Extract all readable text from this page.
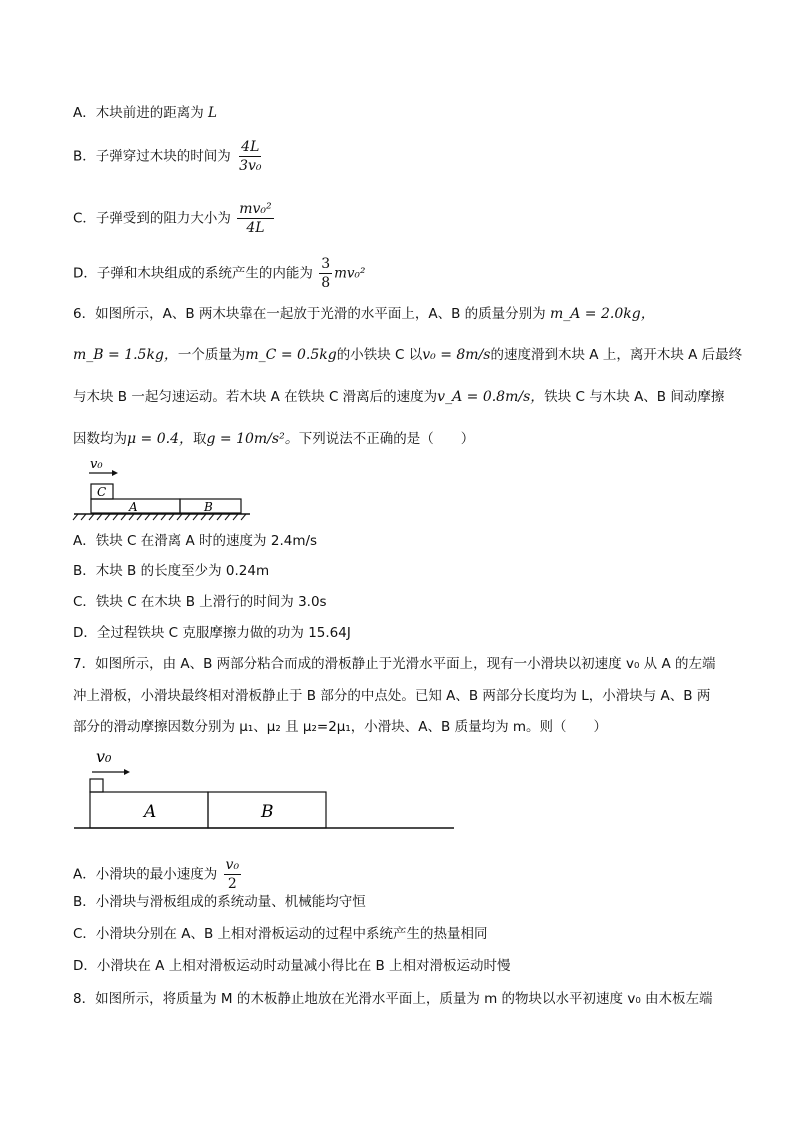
A．木块前进的距离为 L
B．子弹穿过木块的时间为 $\frac{4L}{\text{3v₀}}$
C．子弹受到的阻力大小为 $\frac{\text{mv₀²}}{4L}$
D．子弹和木块组成的系统产生的内能为 $\frac{3}{8} mv_0^2$
6．如图所示，A、B 两木块靠在一起放于光滑的水平面上，A、B 的质量分别为 m_A = 2.0kg，
m_B = 1.5kg，一个质量为m_C = 0.5kg的小铁块 C 以v₀ = 8m/s的速度滑到木块 A 上，离开木块 A 后最终
与木块 B 一起匀速运动。若木块 A 在铁块 C 滑离后的速度为v_A = 0.8m/s，铁块 C 与木块 A、B 间动摩擦
因数均为μ = 0.4，取g = 10m/s²。下列说法不正确的是（　　）
v₀
C
A	B
A．铁块 C 在滑离 A 时的速度为 2.4m/s
B．木块 B 的长度至少为 0.24m
C．铁块 C 在木块 B 上滑行的时间为 3.0s
D．全过程铁块 C 克服摩擦力做的功为 15.64J
7．如图所示，由 A、B 两部分粘合而成的滑板静止于光滑水平面上，现有一小滑块以初速度 v₀ 从 A 的左端
冲上滑板，小滑块最终相对滑板静止于 B 部分的中点处。已知 A、B 两部分长度均为 L，小滑块与 A、B 两
部分的滑动摩擦因数分别为 μ₁、μ₂ 且 μ₂=2μ₁，小滑块、A、B 质量均为 m。则（　　）
v₀
A	B
A．小滑块的最小速度为 $\frac{\text{v₀}}{2}$
B．小滑块与滑板组成的系统动量、机械能均守恒
C．小滑块分别在 A、B 上相对滑板运动的过程中系统产生的热量相同
D．小滑块在 A 上相对滑板运动时动量减小得比在 B 上相对滑板运动时慢
8．如图所示，将质量为 M 的木板静止地放在光滑水平面上，质量为 m 的物块以水平初速度 v₀ 由木板左端
